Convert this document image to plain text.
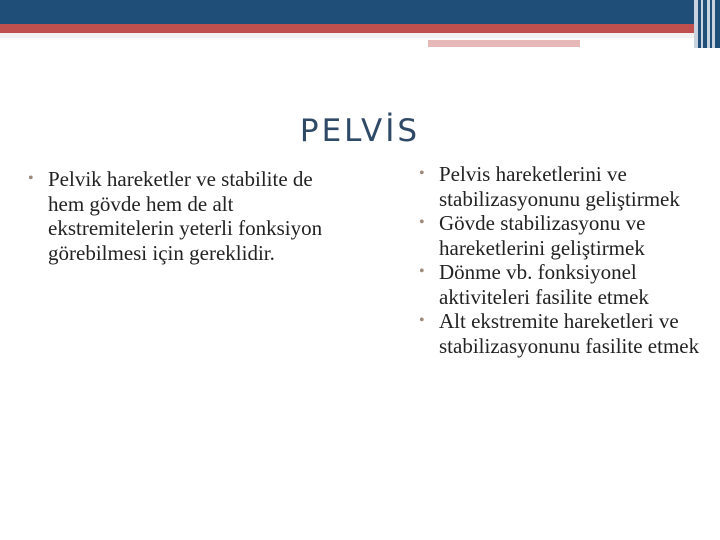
PELVİS
• Pelvik hareketler ve stabilite de hem gövde hem de alt ekstremitelerin yeterli fonksiyon görebilmesi için gereklidir.
• Pelvis hareketlerini ve stabilizasyonunu geliştirmek
• Gövde stabilizasyonu ve hareketlerini geliştirmek
• Dönme vb. fonksiyonel aktiviteleri fasilite etmek
• Alt ekstremite hareketleri ve stabilizasyonunu fasilite etmek
